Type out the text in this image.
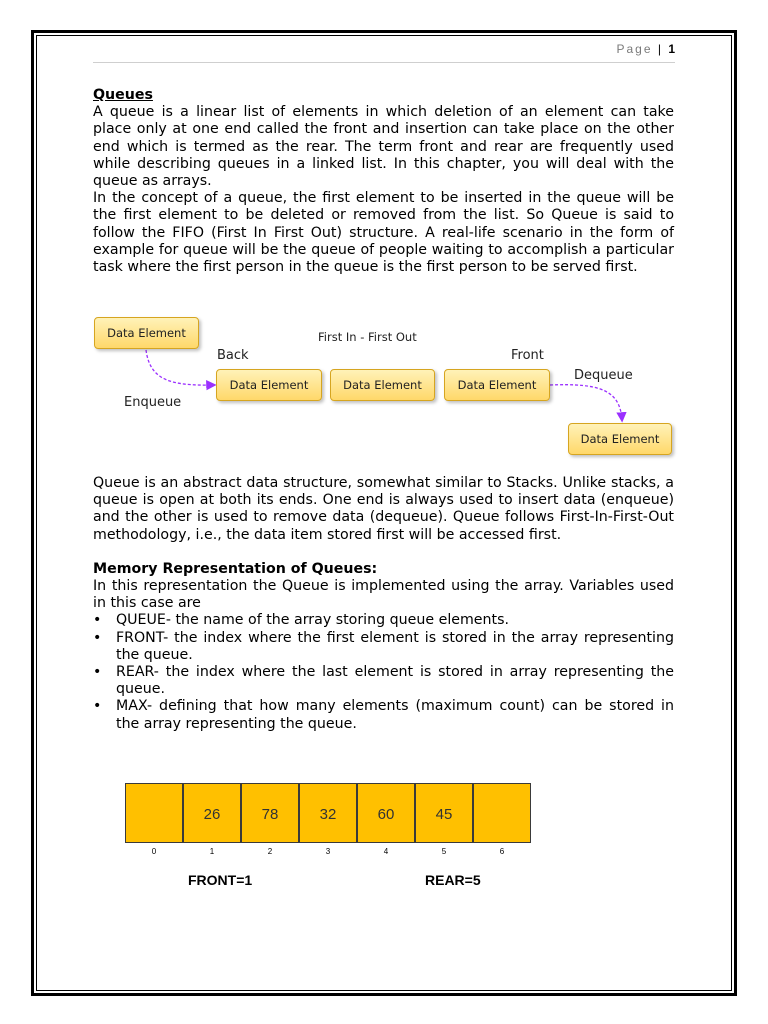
Page | 1
Queues
A queue is a linear list of elements in which deletion of an element can take place only at one end called the front and insertion can take place on the other end which is termed as the rear. The term front and rear are frequently used while describing queues in a linked list. In this chapter, you will deal with the queue as arrays.
In the concept of a queue, the first element to be inserted in the queue will be the first element to be deleted or removed from the list. So Queue is said to follow the FIFO (First In First Out) structure. A real-life scenario in the form of example for queue will be the queue of people waiting to accomplish a particular task where the first person in the queue is the first person to be served first.
Data Element	First In - First Out
Back	Front
Data Element	Data Element	Data Element
Dequeue
Enqueue
Data Element
Queue is an abstract data structure, somewhat similar to Stacks. Unlike stacks, a queue is open at both its ends. One end is always used to insert data (enqueue) and the other is used to remove data (dequeue). Queue follows First-In-First-Out methodology, i.e., the data item stored first will be accessed first.
Memory Representation of Queues:
In this representation the Queue is implemented using the array. Variables used in this case are
• QUEUE- the name of the array storing queue elements.
• FRONT- the index where the first element is stored in the array representing the queue.
• REAR- the index where the last element is stored in array representing the queue.
• MAX- defining that how many elements (maximum count) can be stored in the array representing the queue.
26	78	32	60	45
0	1	2	3	4	5	6
FRONT=1	REAR=5
